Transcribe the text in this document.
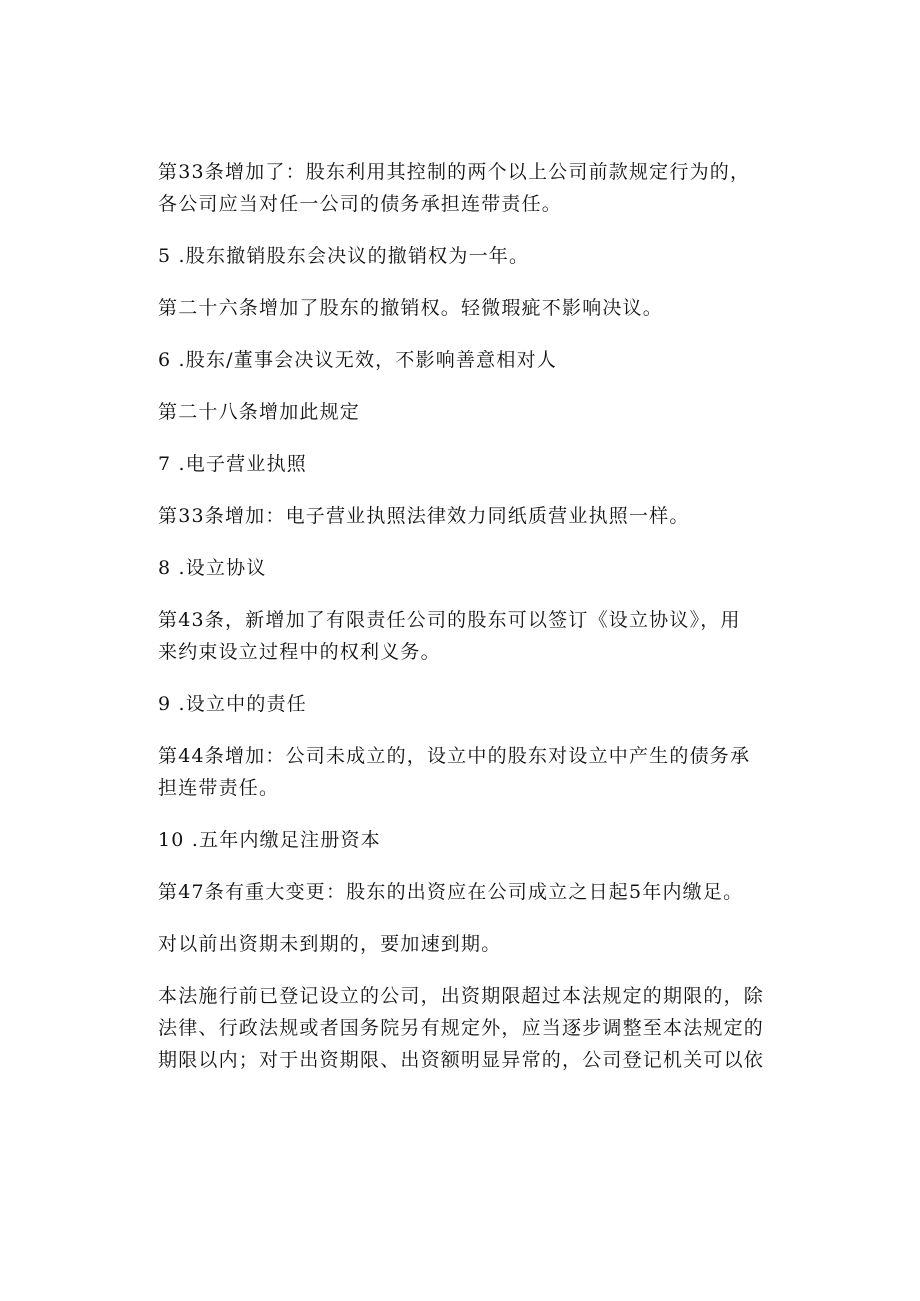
第33条增加了：股东利用其控制的两个以上公司前款规定行为的，
各公司应当对任一公司的债务承担连带责任。
5 .股东撤销股东会决议的撤销权为一年。
第二十六条增加了股东的撤销权。轻微瑕疵不影响决议。
6 .股东/董事会决议无效，不影响善意相对人
第二十八条增加此规定
7 .电子营业执照
第33条增加：电子营业执照法律效力同纸质营业执照一样。
8 .设立协议
第43条，新增加了有限责任公司的股东可以签订《设立协议》，用
来约束设立过程中的权利义务。
9 .设立中的责任
第44条增加：公司未成立的，设立中的股东对设立中产生的债务承
担连带责任。
10 .五年内缴足注册资本
第47条有重大变更：股东的出资应在公司成立之日起5年内缴足。
对以前出资期未到期的，要加速到期。
本法施行前已登记设立的公司，出资期限超过本法规定的期限的，除
法律、行政法规或者国务院另有规定外，应当逐步调整至本法规定的
期限以内；对于出资期限、出资额明显异常的，公司登记机关可以依
